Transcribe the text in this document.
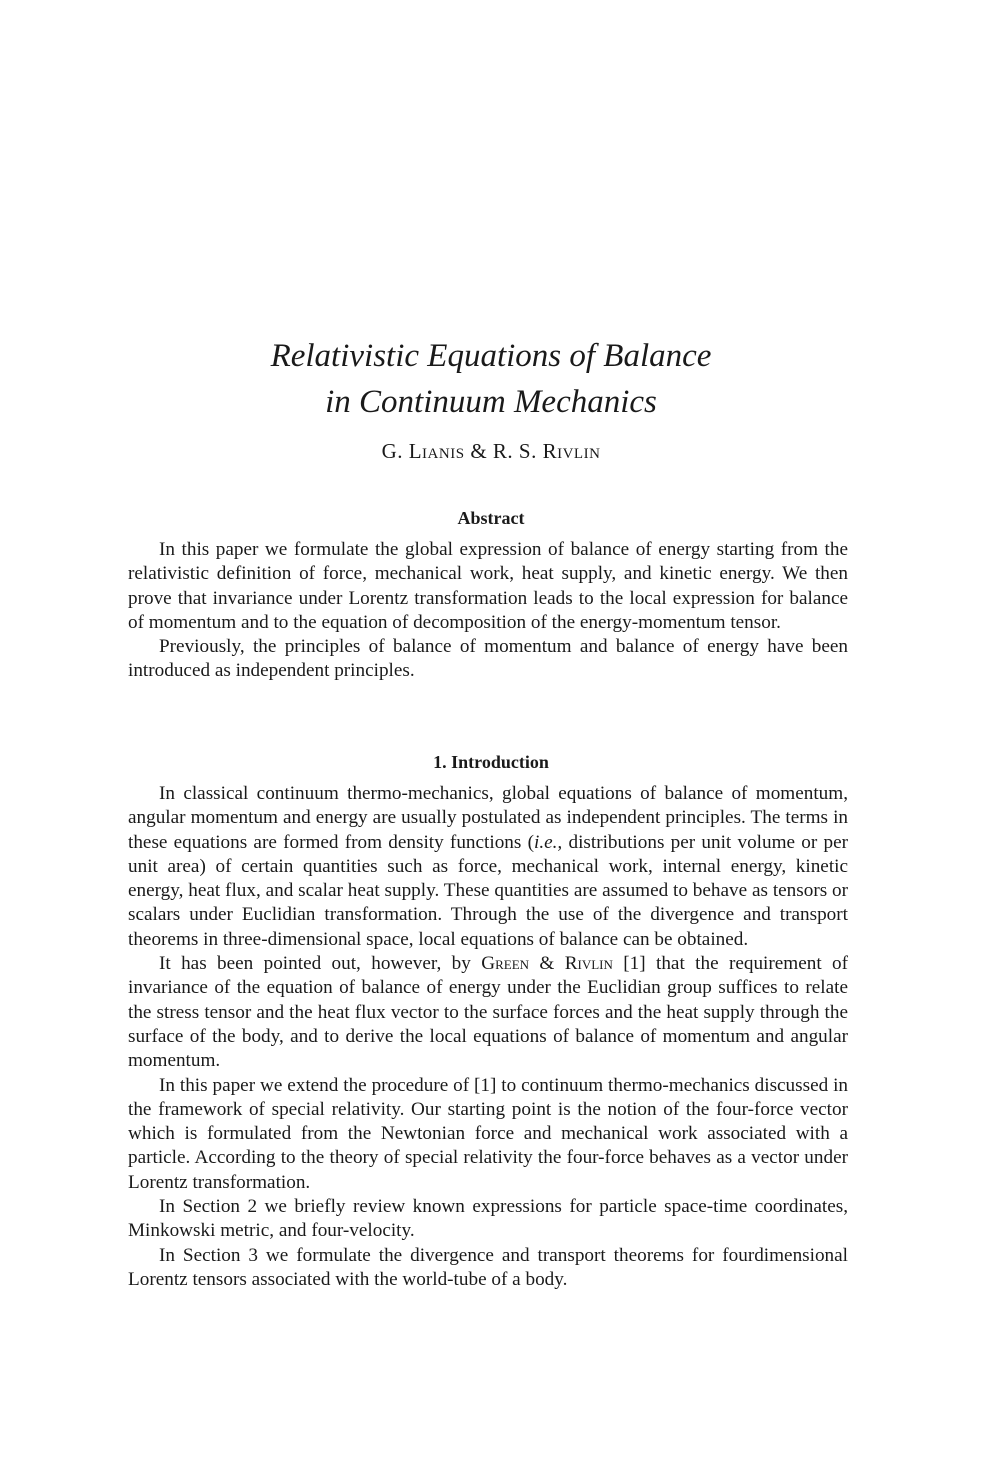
Relativistic Equations of Balance
in Continuum Mechanics
G. Lianis & R. S. Rivlin
Abstract

In this paper we formulate the global expression of balance of energy starting from the relativistic definition of force, mechanical work, heat supply, and kinetic energy. We then prove that invariance under Lorentz transformation leads to the local expression for balance of momentum and to the equation of decomposition of the energy-momentum tensor.

Previously, the principles of balance of momentum and balance of energy have been introduced as independent principles.

1. Introduction

In classical continuum thermo-mechanics, global equations of balance of momentum, angular momentum and energy are usually postulated as independent principles. The terms in these equations are formed from density functions (i.e., distributions per unit volume or per unit area) of certain quantities such as force, mechanical work, internal energy, kinetic energy, heat flux, and scalar heat supply. These quantities are assumed to behave as tensors or scalars under Euclidian transformation. Through the use of the divergence and transport theorems in three-dimensional space, local equations of balance can be obtained.

It has been pointed out, however, by Green & Rivlin [1] that the requirement of invariance of the equation of balance of energy under the Euclidian group suffices to relate the stress tensor and the heat flux vector to the surface forces and the heat supply through the surface of the body, and to derive the local equations of balance of momentum and angular momentum.

In this paper we extend the procedure of [1] to continuum thermo-mechanics discussed in the framework of special relativity. Our starting point is the notion of the four-force vector which is formulated from the Newtonian force and mechanical work associated with a particle. According to the theory of special relativity the four-force behaves as a vector under Lorentz transformation.

In Section 2 we briefly review known expressions for particle space-time coordinates, Minkowski metric, and four-velocity.

In Section 3 we formulate the divergence and transport theorems for fourdimensional Lorentz tensors associated with the world-tube of a body.
